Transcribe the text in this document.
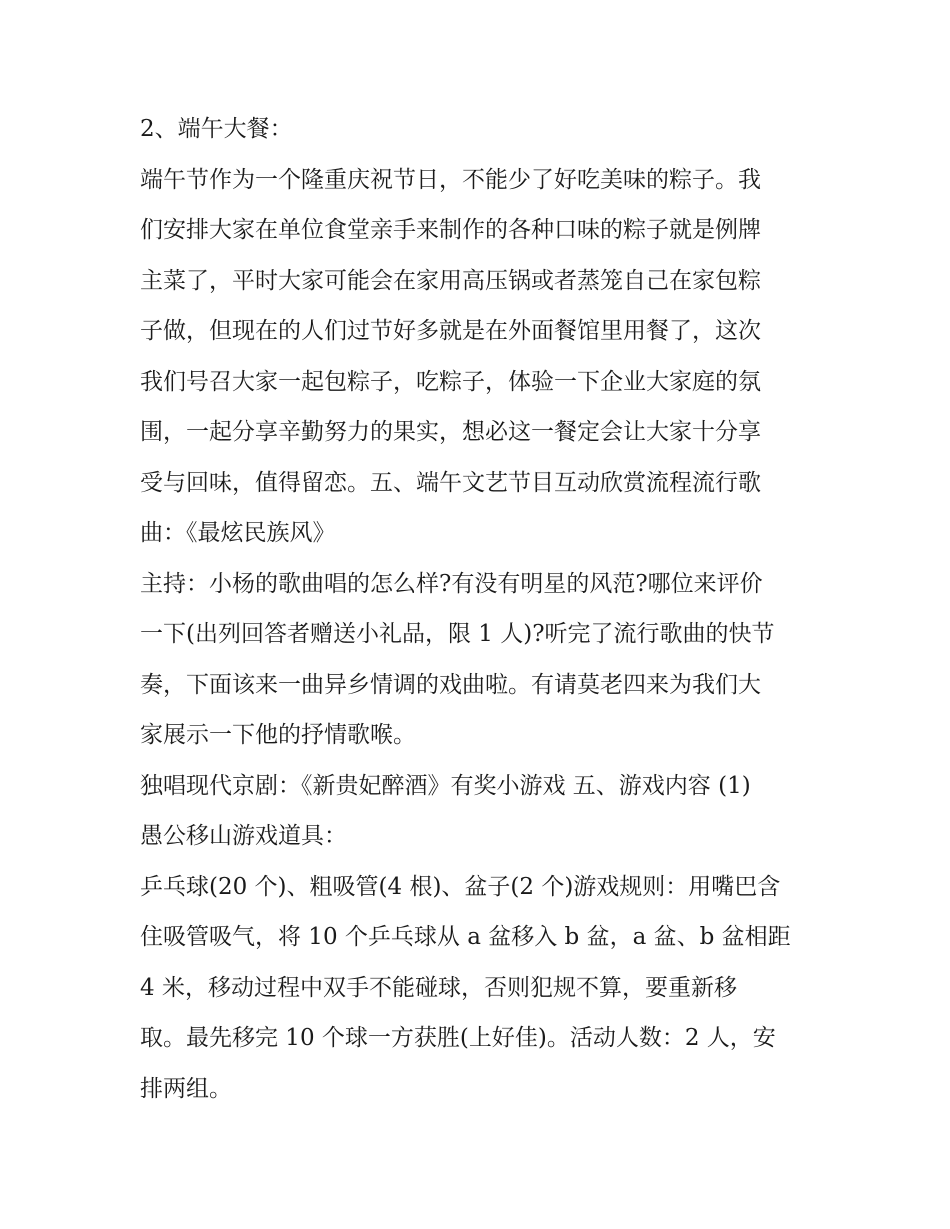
2、端午大餐：
端午节作为一个隆重庆祝节日，不能少了好吃美味的粽子。我
们安排大家在单位食堂亲手来制作的各种口味的粽子就是例牌
主菜了，平时大家可能会在家用高压锅或者蒸笼自己在家包粽
子做，但现在的人们过节好多就是在外面餐馆里用餐了，这次
我们号召大家一起包粽子，吃粽子，体验一下企业大家庭的氛
围，一起分享辛勤努力的果实，想必这一餐定会让大家十分享
受与回味，值得留恋。五、端午文艺节目互动欣赏流程流行歌
曲：《最炫民族风》
主持：小杨的歌曲唱的怎么样?有没有明星的风范?哪位来评价
一下(出列回答者赠送小礼品，限 1 人)?听完了流行歌曲的快节
奏，下面该来一曲异乡情调的戏曲啦。有请莫老四来为我们大
家展示一下他的抒情歌喉。
独唱现代京剧：《新贵妃醉酒》有奖小游戏 五、游戏内容 (1)
愚公移山游戏道具：
乒乓球(20 个)、粗吸管(4 根)、盆子(2 个)游戏规则：用嘴巴含
住吸管吸气，将 10 个乒乓球从 a 盆移入 b 盆，a 盆、b 盆相距
4 米，移动过程中双手不能碰球，否则犯规不算，要重新移
取。最先移完 10 个球一方获胜(上好佳)。活动人数：2 人，安
排两组。
